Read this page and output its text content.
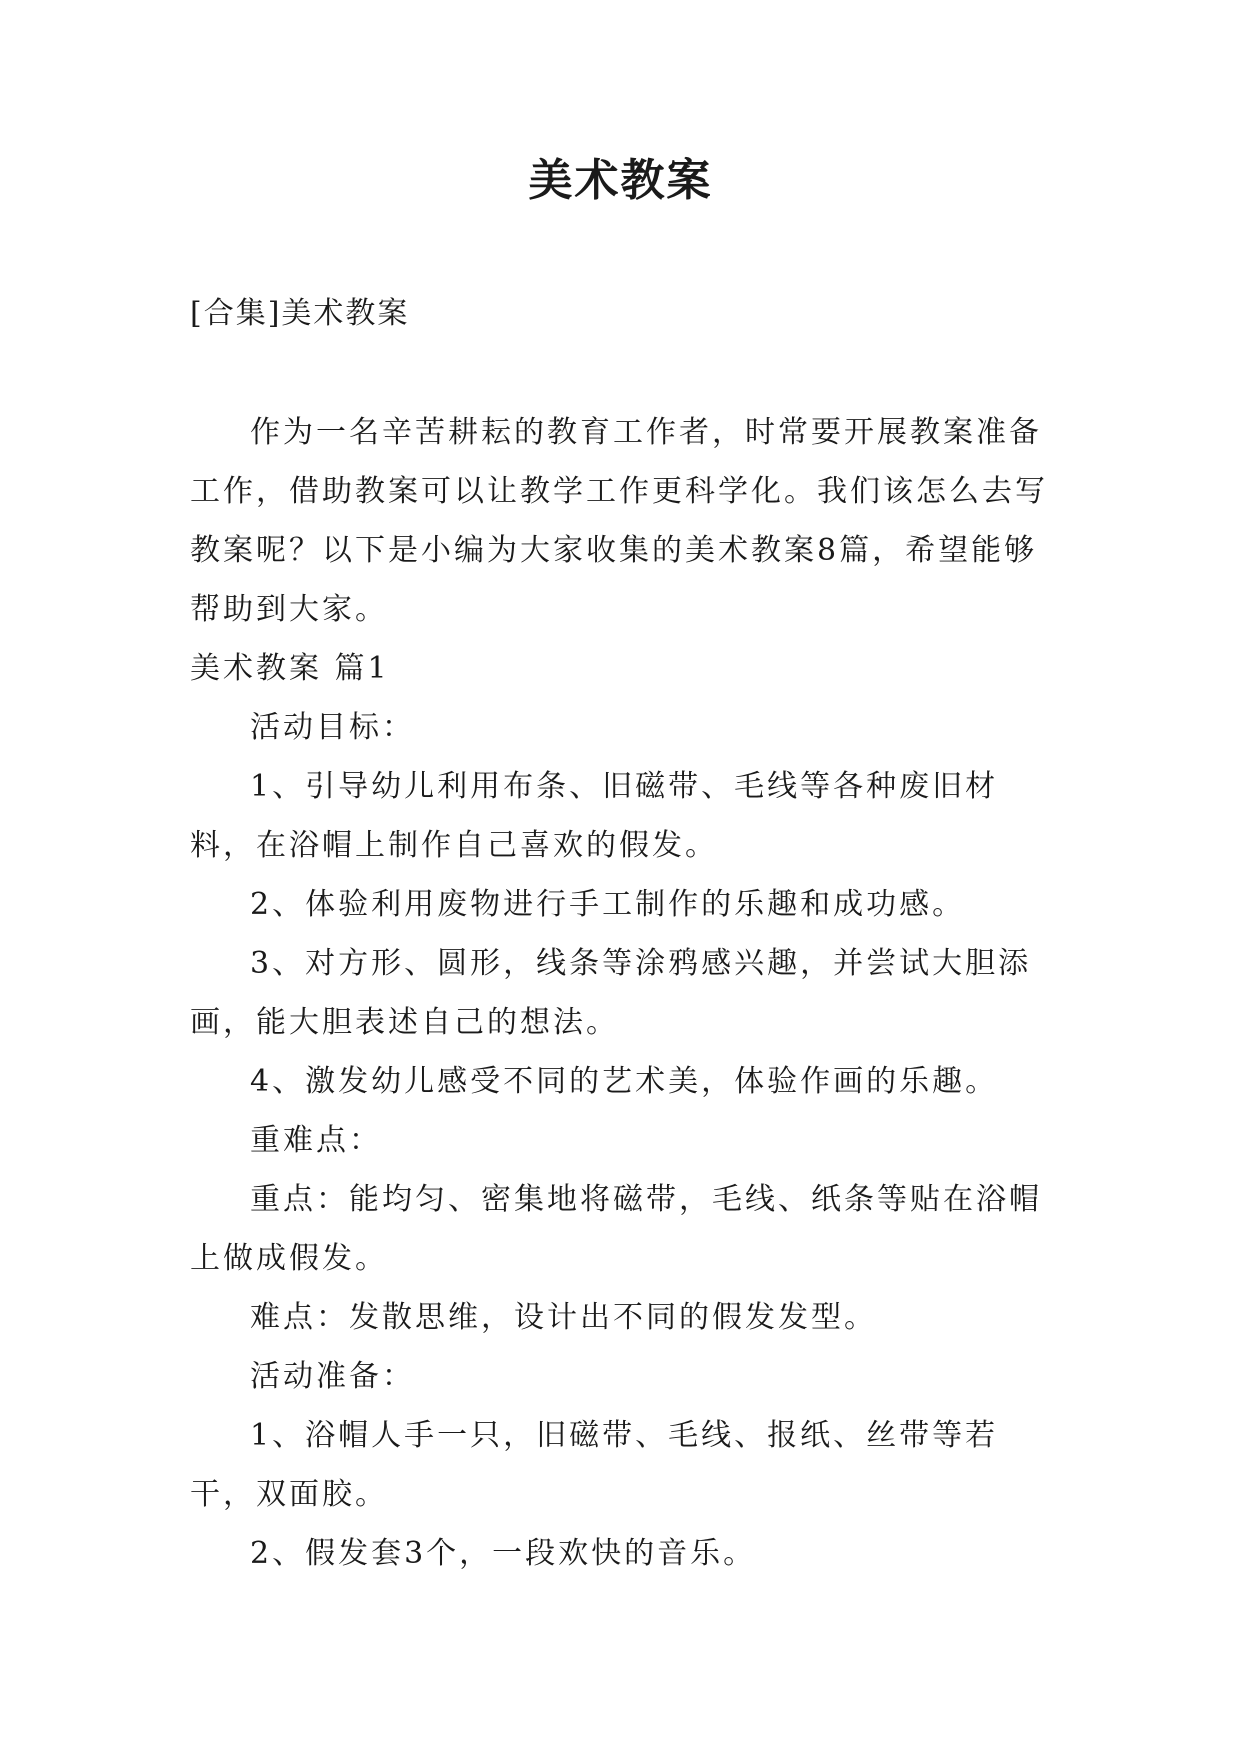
美术教案
[合集]美术教案

作为一名辛苦耕耘的教育工作者，时常要开展教案准备工作，借助教案可以让教学工作更科学化。我们该怎么去写教案呢？以下是小编为大家收集的美术教案8篇，希望能够帮助到大家。

美术教案 篇1

活动目标：

1、引导幼儿利用布条、旧磁带、毛线等各种废旧材料，在浴帽上制作自己喜欢的假发。

2、体验利用废物进行手工制作的乐趣和成功感。

3、对方形、圆形，线条等涂鸦感兴趣，并尝试大胆添画，能大胆表述自己的想法。

4、激发幼儿感受不同的艺术美，体验作画的乐趣。

重难点：

重点：能均匀、密集地将磁带，毛线、纸条等贴在浴帽上做成假发。

难点：发散思维，设计出不同的假发发型。

活动准备：

1、浴帽人手一只，旧磁带、毛线、报纸、丝带等若干，双面胶。

2、假发套3个，一段欢快的音乐。
